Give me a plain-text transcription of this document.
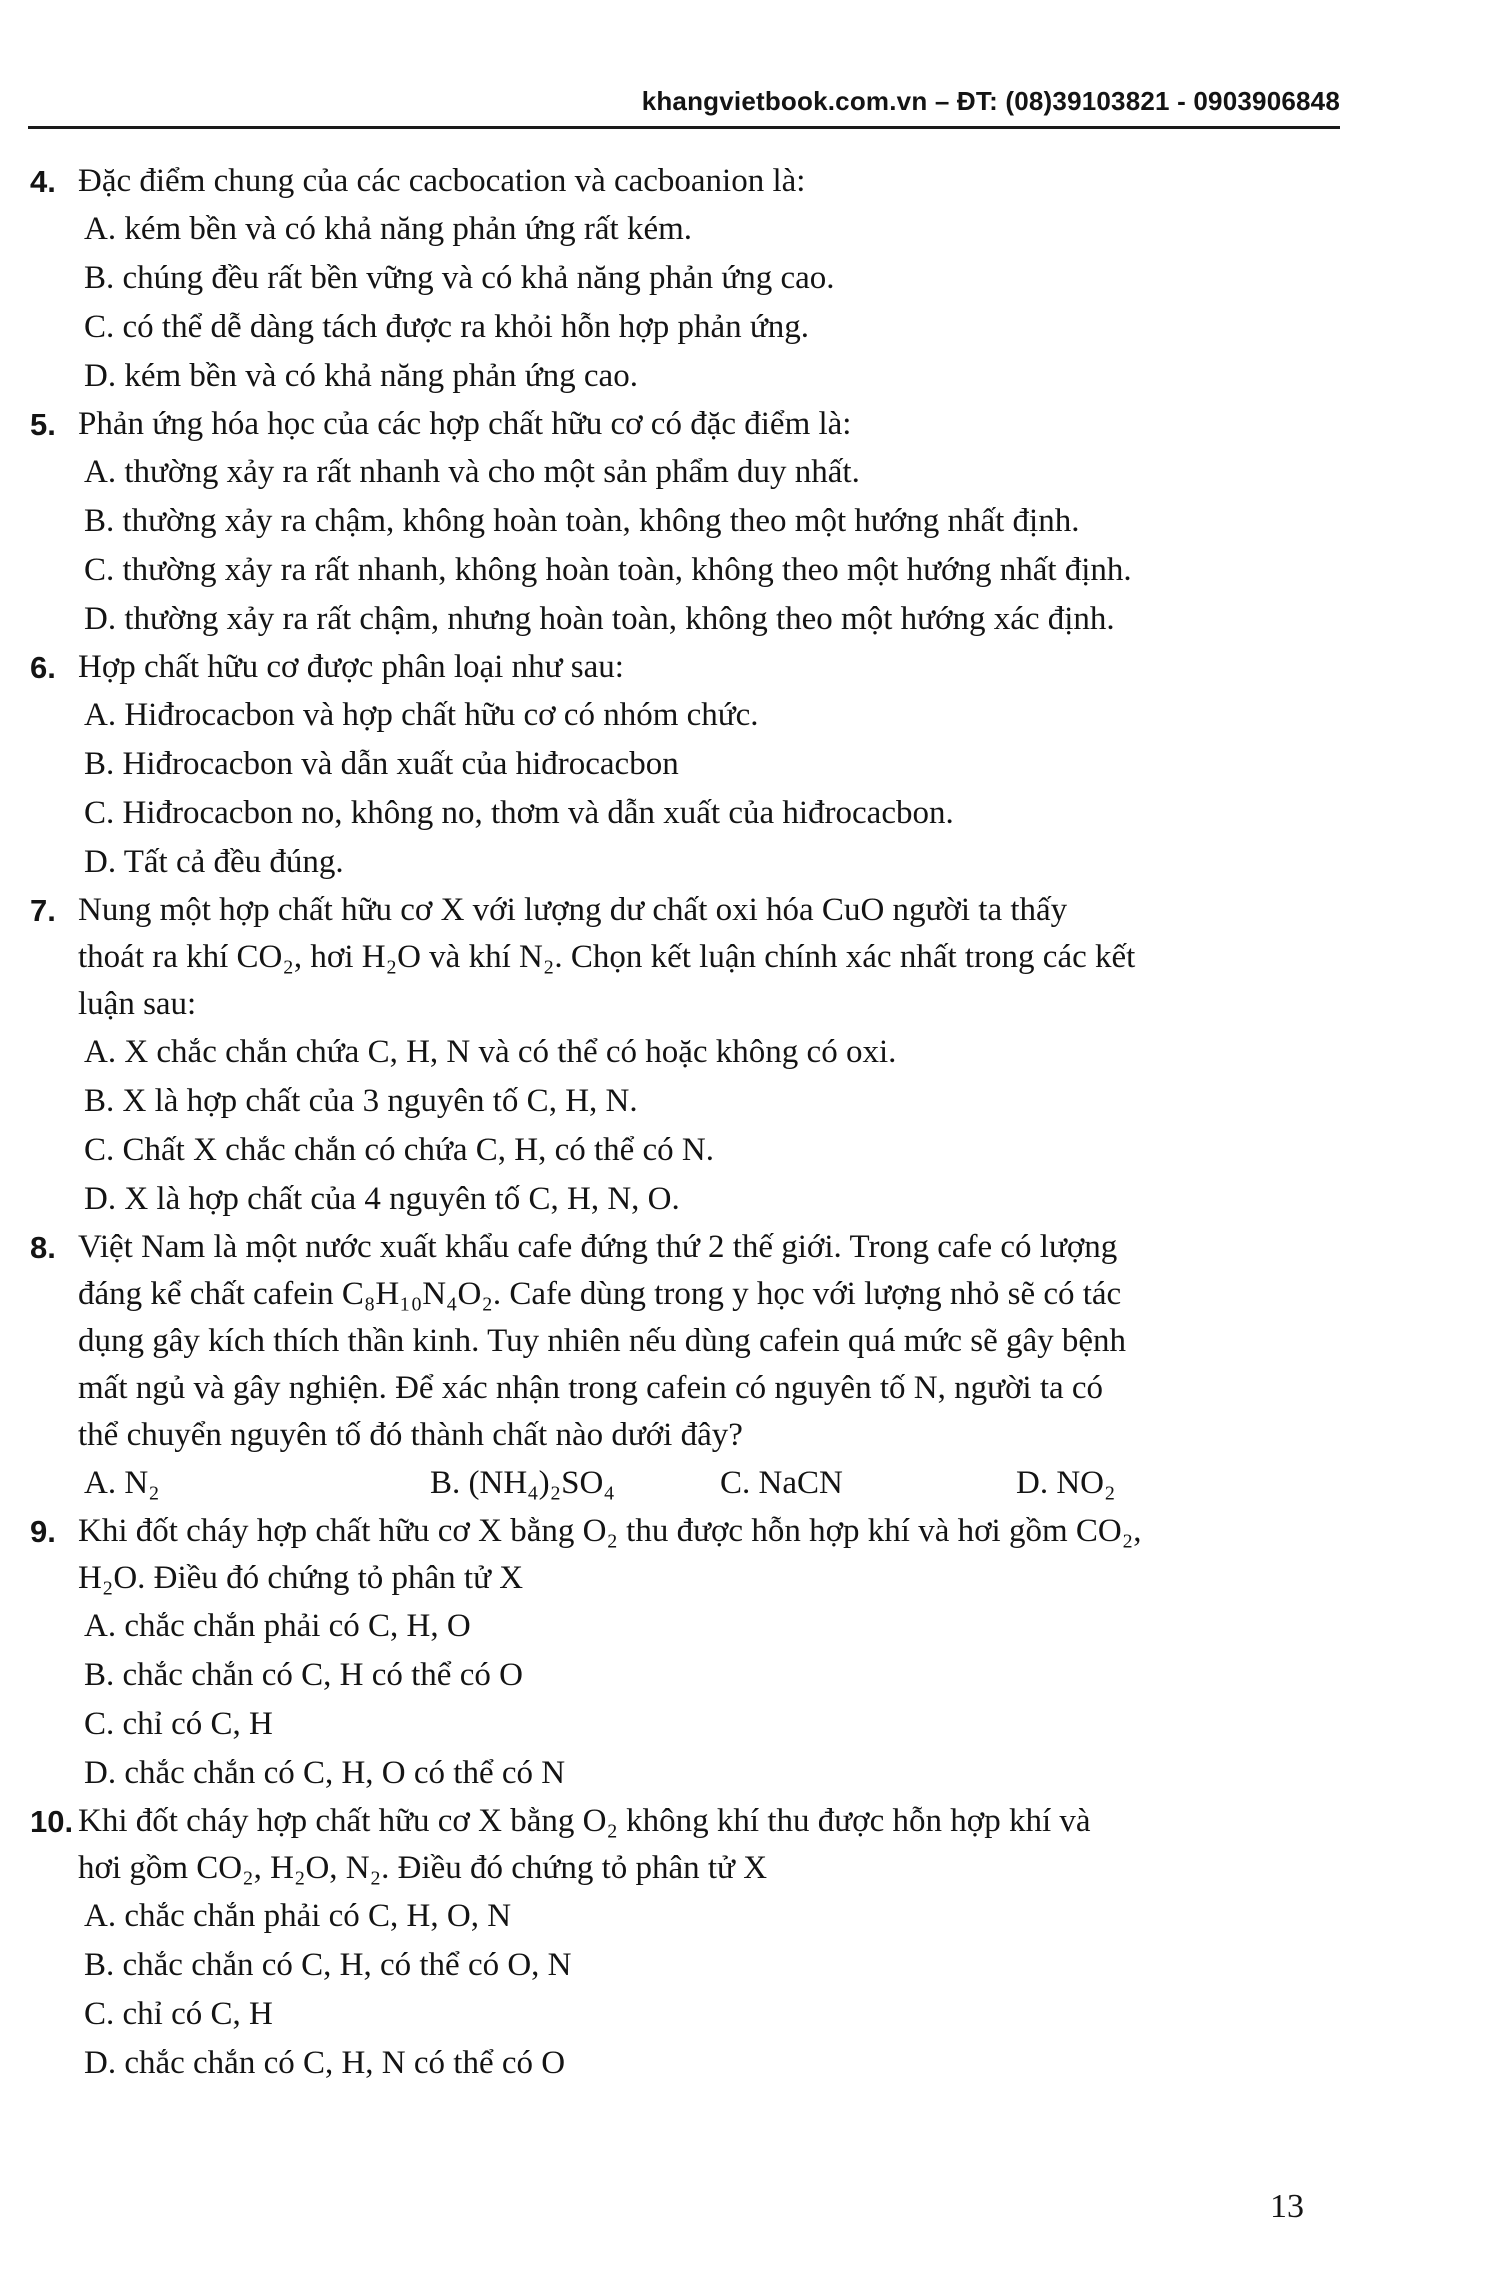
khangvietbook.com.vn – ĐT: (08)39103821 - 0903906848
4. Đặc điểm chung của các cacbocation và cacboanion là:
A. kém bền và có khả năng phản ứng rất kém.
B. chúng đều rất bền vững và có khả năng phản ứng cao.
C. có thể dễ dàng tách được ra khỏi hỗn hợp phản ứng.
D. kém bền và có khả năng phản ứng cao.
5. Phản ứng hóa học của các hợp chất hữu cơ có đặc điểm là:
A. thường xảy ra rất nhanh và cho một sản phẩm duy nhất.
B. thường xảy ra chậm, không hoàn toàn, không theo một hướng nhất định.
C. thường xảy ra rất nhanh, không hoàn toàn, không theo một hướng nhất định.
D. thường xảy ra rất chậm, nhưng hoàn toàn, không theo một hướng xác định.
6. Hợp chất hữu cơ được phân loại như sau:
A. Hiđrocacbon và hợp chất hữu cơ có nhóm chức.
B. Hiđrocacbon và dẫn xuất của hiđrocacbon
C. Hiđrocacbon no, không no, thơm và dẫn xuất của hiđrocacbon.
D. Tất cả đều đúng.
7. Nung một hợp chất hữu cơ X với lượng dư chất oxi hóa CuO người ta thấy
thoát ra khí CO₂, hơi H₂O và khí N₂. Chọn kết luận chính xác nhất trong các kết
luận sau:
A. X chắc chắn chứa C, H, N và có thể có hoặc không có oxi.
B. X là hợp chất của 3 nguyên tố C, H, N.
C. Chất X chắc chắn có chứa C, H, có thể có N.
D. X là hợp chất của 4 nguyên tố C, H, N, O.
8. Việt Nam là một nước xuất khẩu cafe đứng thứ 2 thế giới. Trong cafe có lượng
đáng kể chất cafein C₈H₁₀N₄O₂. Cafe dùng trong y học với lượng nhỏ sẽ có tác
dụng gây kích thích thần kinh. Tuy nhiên nếu dùng cafein quá mức sẽ gây bệnh
mất ngủ và gây nghiện. Để xác nhận trong cafein có nguyên tố N, người ta có
thể chuyển nguyên tố đó thành chất nào dưới đây?
A. N₂	B. (NH₄)₂SO₄	C. NaCN	D. NO₂
9. Khi đốt cháy hợp chất hữu cơ X bằng O₂ thu được hỗn hợp khí và hơi gồm CO₂,
H₂O. Điều đó chứng tỏ phân tử X
A. chắc chắn phải có C, H, O
B. chắc chắn có C, H có thể có O
C. chỉ có C, H
D. chắc chắn có C, H, O có thể có N
10. Khi đốt cháy hợp chất hữu cơ X bằng O₂ không khí thu được hỗn hợp khí và
hơi gồm CO₂, H₂O, N₂. Điều đó chứng tỏ phân tử X
A. chắc chắn phải có C, H, O, N
B. chắc chắn có C, H, có thể có O, N
C. chỉ có C, H
D. chắc chắn có C, H, N có thể có O
13
